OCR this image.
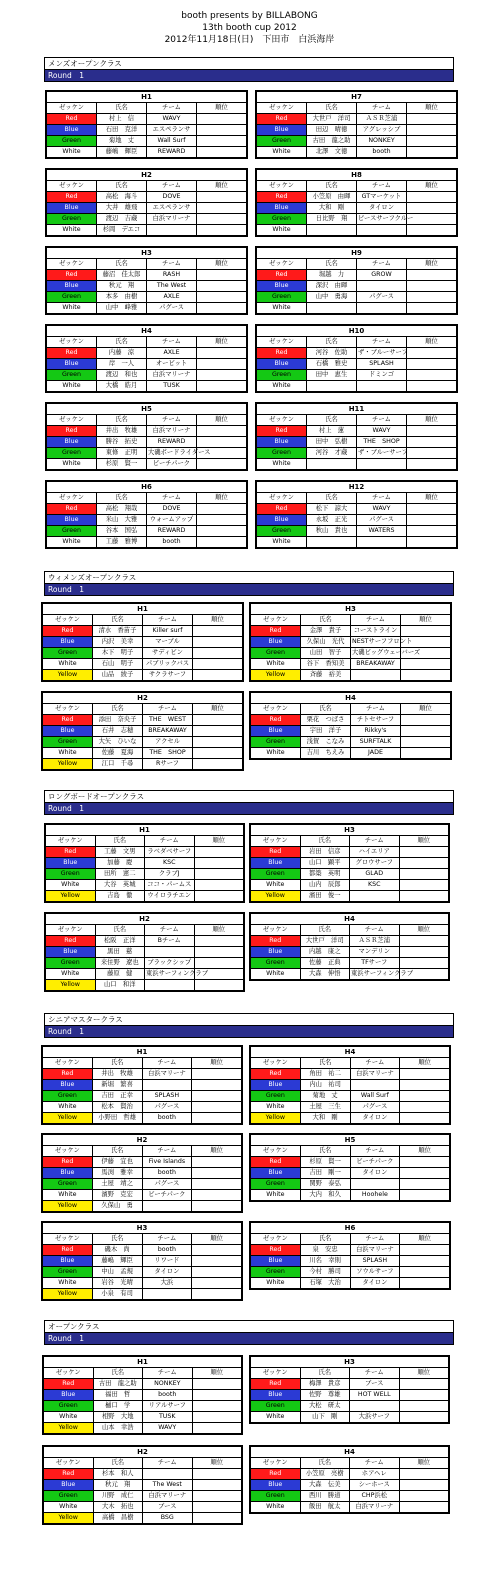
booth presents by BILLABONG
13th booth cup 2012
2012年11月18日(日)　下田市　白浜海岸
メンズオープンクラス
Round　1
H1			
ゼッケン	氏名	チーム	順位
Red	村上　信	WAVY	
Blue	石田　克洋	エスペランサ	
Green	菊地　丈	Wall Surf	
White	藤嶋　輝臣	REWARD	
H2			
ゼッケン	氏名	チーム	順位
Red	高松　海斗	DOVE	
Blue	大井　雄飛	エスペランサ	
Green	渡辺　吉蔵	白浜マリーナ	
White	杉岡　デエコ		
H3			
ゼッケン	氏名	チーム	順位
Red	藤沼　佳太郎	RASH	
Blue	秋元　翔	The West	
Green	本多　由樹	AXLE	
White	山中　峰雅	パグース	
H4			
ゼッケン	氏名	チーム	順位
Red	内藤　涼	AXLE	
Blue	岸　一人	オービット	
Green	渡辺　和也	白浜マリーナ	
White	大橋　皓月	TUSK	
H5			
ゼッケン	氏名	チーム	順位
Red	井出　牧雄	白浜マリーナ	
Blue	勝谷　拓史	REWARD	
Green	東條　正明	大磯ボードライダース	
White	杉原　賢一	ビーチパーク	
H6			
ゼッケン	氏名	チーム	順位
Red	高松　翔哉	DOVE	
Blue	米山　大雅	ウォームアップ	
Green	谷本　国弘	REWARD	
White	工藤　雅博	booth	
H7			
ゼッケン	氏名	チーム	順位
Red	大世戸　洋司	ＡＳＲ芝浦	
Blue	田辺　晴徳	アグレッシブ	
Green	古田　龍之助	NONKEY	
White	北澤　文徳	booth	
H8			
ゼッケン	氏名	チーム	順位
Red	小笠原　由暉	GTマーケット	
Blue	大和　剛	タイロン	
Green	日比野　翔	ピースサーフクルー	
White			
H9			
ゼッケン	氏名	チーム	順位
Red	堀越　力	GROW	
Blue	深沢　由暉		
Green	山中　勇海	パグース	
White			
H10			
ゼッケン	氏名	チーム	順位
Red	河谷　佐助	ザ・ブルーサーフ	
Blue	石橋　雅史	SPLASH	
Green	田中　恵生	ドミンゴ	
White			
H11			
ゼッケン	氏名	チーム	順位
Red	村上　蓮	WAVY	
Blue	田中　弘樹	THE　SHOP	
Green	河谷　才蔵	ザ・ブルーサーフ	
White			
H12			
ゼッケン	氏名	チーム	順位
Red	松下　諒大	WAVY	
Blue	永坂　正光	パグース	
Green	秋山　貴也	WATERS	
White			
ウィメンズオープンクラス
Round　1
H1			
ゼッケン	氏名	チーム	順位
Red	清水　香苗子	Killer surf	
Blue	内沢　美幸	マーブル	
Green	木下　明子	サディビン	
White	石山　明子	パブリックバス	
Yellow	山品　綾子	サクラサーフ	
H2			
ゼッケン	氏名	チーム	順位
Red	添田　奈央子	THE　WEST	
Blue	石井　志穂	BREAKAWAY	
Green	大矢　ひいな	アクセル	
White	佐藤　夏海	THE　SHOP	
Yellow	江口　千尋	Rサーフ	
H3			
ゼッケン	氏名	チーム	順位
Red	金澤　貴子	コーストライン	
Blue	久保山　光代	NESTサーフフロント	
Green	山田　智子	大磯ビッグウェーバーズ	
White	谷下　香知美	BREAKAWAY	
Yellow	斉藤　裕美		
H4			
ゼッケン	氏名	チーム	順位
Red	栗花　つばさ	チトセサーフ	
Blue	宇田　洋子	Rikky's	
Green	浅賀　こなみ	SURFTALK	
White	吉川　ちえみ	JADE	
ロングボードオープンクラス
Round　1
H1			
ゼッケン	氏名	チーム	順位
Red	工藤　文男	ラベダベサーフ	
Blue	加藤　慶	KSC	
Green	田所　憲二	クラブJ	
White	大谷　英城	ココ・パームス	
Yellow	吉島　徹	ウイロラチエン	
H2			
ゼッケン	氏名	チーム	順位
Red	松阪　正洋	Bチーム	
Blue	黒田　慈		
Green	来住野　遼也	ブラックシップ	
White	藤原　健	東浜サーフィンクラブ	
Yellow	山口　和洋		
H3			
ゼッケン	氏名	チーム	順位
Red	岩田　信彦	ハイエリア	
Blue	山口　顕平	グロウサーフ	
Green	都築　英明	GLAD	
White	山内　辰郎	KSC	
Yellow	濱田　俊一		
H4			
ゼッケン	氏名	チーム	順位
Red	大世戸　洋司	ＡＳＲ芝浦	
Blue	内越　康之	マンデリン	
Green	佐藤　正典	TFサーフ	
White	大森　伸悟	東浜サーフィンクラブ	
シニアマスタークラス
Round　1
H1			
ゼッケン	氏名	チーム	順位
Red	井出　牧雄	白浜マリーナ	
Blue	新堀　繁喜		
Green	吉田　正幸	SPLASH	
White	松本　賢治	パグース	
Yellow	小野田　哲雄	booth	
H2			
ゼッケン	氏名	チーム	順位
Red	伊藤　宜也	Five Islands	
Blue	馬渕　雅幸	booth	
Green	土屋　靖之	パグース	
White	濱野　克宏	ビーチパーク	
Yellow	久保山　勇		
H3			
ゼッケン	氏名	チーム	順位
Red	磯木　尚	booth	
Blue	藤嶋　輝臣	リワード	
Green	中山　孟規	タイロン	
White	岩谷　光晴	大浜	
Yellow	小泉　有司		
H4			
ゼッケン	氏名	チーム	順位
Red	角田　祐二	白浜マリーナ	
Blue	内山　祐司		
Green	菊地　丈	Wall Surf	
White	土屋　三生	パグース	
Yellow	大和　剛	タイロン	
H5			
ゼッケン	氏名	チーム	順位
Red	杉原　賢一	ビーチパーク	
Blue	吉田　剛一	タイロン	
Green	関野　泰弘		
White	大内　和久	Hoohele	
H6			
ゼッケン	氏名	チーム	順位
Red	泉　安忠	白浜マリーナ	
Blue	川名　幸則	SPLASH	
Green	今村　勝司	ソウルサーフ	
White	石塚　大治	タイロン	
オープンクラス
Round　1
H1			
ゼッケン	氏名	チーム	順位
Red	古田　龍之助	NONKEY	
Blue	福田　哲	booth	
Green	樋口　学	リアルサーフ	
White	相野　大地	TUSK	
Yellow	山本　幸浩	WAVY	
H2			
ゼッケン	氏名	チーム	順位
Red	杉本　和人		
Blue	秋元　翔	The West	
Green	川野　成仁	白浜マリーナ	
White	大木　拓也	ブース	
Yellow	高橋　昌樹	BSG	
H3			
ゼッケン	氏名	チーム	順位
Red	梅澤　貴彦	ブース	
Blue	佐野　尊雄	HOT WELL	
Green	大松　研太		
White	山下　剛	大浜サーフ	
H4			
ゼッケン	氏名	チーム	順位
Red	小笠原　亮樹	ホアヘレ	
Blue	大森　伝美	シーホース	
Green	西川　勝道	CHP浜松	
White	飯田　航太	白浜マリーナ	
